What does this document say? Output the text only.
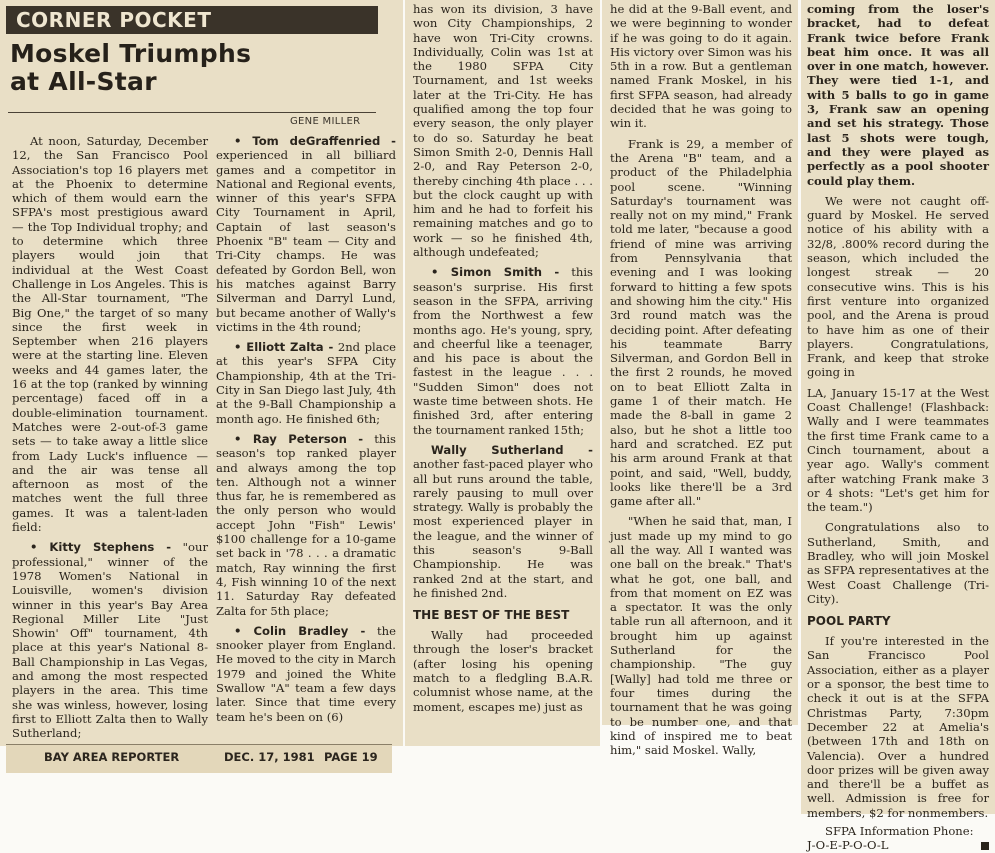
CORNER POCKET
Moskel Triumphs
at All-Star
GENE MILLER

At noon, Saturday, December 12, the San Francisco Pool Association's top 16 players met at the Phoenix to determine which of them would earn the SFPA's most prestigious award — the Top Individual trophy; and to determine which three players would join that individual at the West Coast Challenge in Los Angeles. This is the All-Star tournament, "The Big One," the target of so many since the first week in September when 216 players were at the starting line. Eleven weeks and 44 games later, the 16 at the top (ranked by winning percentage) faced off in a double-elimination tournament. Matches were 2-out-of-3 game sets — to take away a little slice from Lady Luck's influence — and the air was tense all afternoon as most of the matches went the full three games. It was a talent-laden field:

• Kitty Stephens - "our professional," winner of the 1978 Women's National in Louisville, women's division winner in this year's Bay Area Regional Miller Lite "Just Showin' Off" tournament, 4th place at this year's National 8-Ball Championship in Las Vegas, and among the most respected players in the area. This time she was winless, however, losing first to Elliott Zalta then to Wally Sutherland;

• Tom deGraffenried - experienced in all billiard games and a competitor in National and Regional events, winner of this year's SFPA City Tournament in April, Captain of last season's Phoenix "B" team — City and Tri-City champs. He was defeated by Gordon Bell, won his matches against Barry Silverman and Darryl Lund, but became another of Wally's victims in the 4th round;

• Elliott Zalta - 2nd place at this year's SFPA City Championship, 4th at the Tri-City in San Diego last July, 4th at the 9-Ball Championship a month ago. He finished 6th;

• Ray Peterson - this season's top ranked player and always among the top ten. Although not a winner thus far, he is remembered as the only person who would accept John "Fish" Lewis' $100 challenge for a 10-game set back in '78 . . . a dramatic match, Ray winning the first 4, Fish winning 10 of the next 11. Saturday Ray defeated Zalta for 5th place;

• Colin Bradley - the snooker player from England. He moved to the city in March 1979 and joined the White Swallow "A" team a few days later. Since that time every team he's been on (6)

BAY AREA REPORTER	DEC. 17, 1981 PAGE 19

has won its division, 3 have won City Championships, 2 have won Tri-City crowns. Individually, Colin was 1st at the 1980 SFPA City Tournament, and 1st weeks later at the Tri-City. He has qualified among the top four every season, the only player to do so. Saturday he beat Simon Smith 2-0, Dennis Hall 2-0, and Ray Peterson 2-0, thereby cinching 4th place . . . but the clock caught up with him and he had to forfeit his remaining matches and go to work — so he finished 4th, although undefeated;

• Simon Smith - this season's surprise. His first season in the SFPA, arriving from the Northwest a few months ago. He's young, spry, and cheerful like a teenager, and his pace is about the fastest in the league . . . "Sudden Simon" does not waste time between shots. He finished 3rd, after entering the tournament ranked 15th;

Wally Sutherland - another fast-paced player who all but runs around the table, rarely pausing to mull over strategy. Wally is probably the most experienced player in the league, and the winner of this season's 9-Ball Championship. He was ranked 2nd at the start, and he finished 2nd.

THE BEST OF THE BEST

Wally had proceeded through the loser's bracket (after losing his opening match to a fledgling B.A.R. columnist whose name, at the moment, escapes me) just as

he did at the 9-Ball event, and we were beginning to wonder if he was going to do it again. His victory over Simon was his 5th in a row. But a gentleman named Frank Moskel, in his first SFPA season, had already decided that he was going to win it.

Frank is 29, a member of the Arena "B" team, and a product of the Philadelphia pool scene. "Winning Saturday's tournament was really not on my mind," Frank told me later, "because a good friend of mine was arriving from Pennsylvania that evening and I was looking forward to hitting a few spots and showing him the city." His 3rd round match was the deciding point. After defeating his teammate Barry Silverman, and Gordon Bell in the first 2 rounds, he moved on to beat Elliott Zalta in game 1 of their match. He made the 8-ball in game 2 also, but he shot a little too hard and scratched. EZ put his arm around Frank at that point, and said, "Well, buddy, looks like there'll be a 3rd game after all."

"When he said that, man, I just made up my mind to go all the way. All I wanted was one ball on the break." That's what he got, one ball, and from that moment on EZ was a spectator. It was the only table run all afternoon, and it brought him up against Sutherland for the championship. "The guy [Wally] had told me three or four times during the tournament that he was going to be number one, and that kind of inspired me to beat him," said Moskel. Wally,

coming from the loser's bracket, had to defeat Frank twice before Frank beat him once. It was all over in one match, however. They were tied 1-1, and with 5 balls to go in game 3, Frank saw an opening and set his strategy. Those last 5 shots were tough, and they were played as perfectly as a pool shooter could play them.

We were not caught off-guard by Moskel. He served notice of his ability with a 32/8, .800% record during the season, which included the longest streak — 20 consecutive wins. This is his first venture into organized pool, and the Arena is proud to have him as one of their players. Congratulations, Frank, and keep that stroke going in

LA, January 15-17 at the West Coast Challenge! (Flashback: Wally and I were teammates the first time Frank came to a Cinch tournament, about a year ago. Wally's comment after watching Frank make 3 or 4 shots: "Let's get him for the team.")

Congratulations also to Sutherland, Smith, and Bradley, who will join Moskel as SFPA representatives at the West Coast Challenge (Tri-City).

POOL PARTY

If you're interested in the San Francisco Pool Association, either as a player or a sponsor, the best time to check it out is at the SFPA Christmas Party, 7:30pm December 22 at Amelia's (between 17th and 18th on Valencia). Over a hundred door prizes will be given away and there'll be a buffet as well. Admission is free for members, $2 for nonmembers.

SFPA Information Phone:

J-O-E-P-O-O-L
